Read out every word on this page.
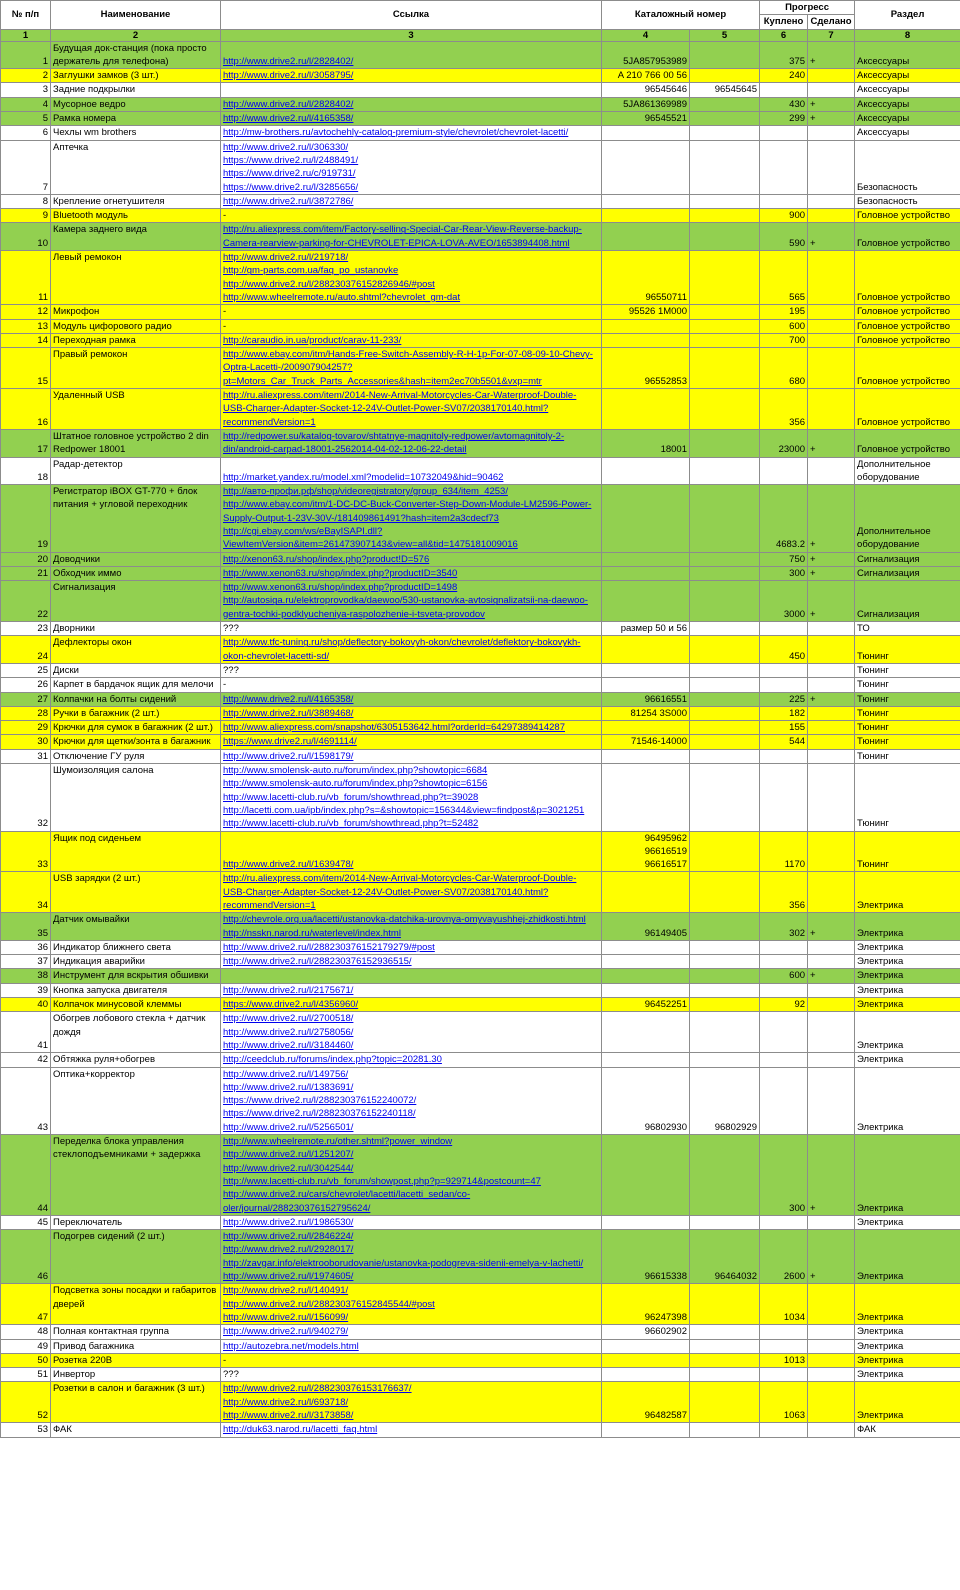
№ п/п	Наименование	Ссылка	Каталожный номер		Прогресс		Раздел
					Куплено	Сделано	
1	2	3	4	5	6	7	8
1	Будущая док-станция (пока просто держатель для телефона)	http://www.drive2.ru/l/2828402/	5JA857953989		375	+	Аксессуары
2	Заглушки замков (3 шт.)	http://www.drive2.ru/l/3058795/	A 210 766 00 56		240		Аксессуары
3	Задние подкрылки		96545646	96545645			Аксессуары
4	Мусорное ведро	http://www.drive2.ru/l/2828402/	5JA861369989		430	+	Аксессуары
5	Рамка номера	http://www.drive2.ru/l/4165358/	96545521		299	+	Аксессуары
6	Чехлы wm brothers	http://mw-brothers.ru/avtochehly-catalog-premium-style/chevrolet/chevrolet-lacetti/					Аксессуары
7	Аптечка	http://www.drive2.ru/l/306330/
https://www.drive2.ru/l/2488491/
https://www.drive2.ru/c/919731/
https://www.drive2.ru/l/3285656/					Безопасность
8	Крепление огнетушителя	http://www.drive2.ru/l/3872786/					Безопасность
9	Bluetooth модуль	-			900		Головное устройство
10	Камера заднего вида	http://ru.aliexpress.com/item/Factory-selling-Special-Car-Rear-View-Reverse-backup-Camera-rearview-parking-for-CHEVROLET-EPICA-LOVA-AVEO/1653894408.html			590	+	Головное устройство
11	Левый ремокон	http://www.drive2.ru/l/219718/
http://gm-parts.com.ua/faq_po_ustanovke
http://www.drive2.ru/l/288230376152826946/#post
http://www.wheelremote.ru/auto.shtml?chevrolet_gm-dat	96550711		565		Головное устройство
12	Микрофон	-	95526 1M000		195		Головное устройство
13	Модуль цифорового радио	-			600		Головное устройство
14	Переходная рамка	http://caraudio.in.ua/product/carav-11-233/			700		Головное устройство
15	Правый ремокон	http://www.ebay.com/itm/Hands-Free-Switch-Assembly-R-H-1p-For-07-08-09-10-Chevy-Optra-Lacetti-/200907904257?pt=Motors_Car_Truck_Parts_Accessories&hash=item2ec70b5501&vxp=mtr	96552853		680		Головное устройство
16	Удаленный USB	http://ru.aliexpress.com/item/2014-New-Arrival-Motorcycles-Car-Waterproof-Double-USB-Charger-Adapter-Socket-12-24V-Outlet-Power-SV07/2038170140.html?recommendVersion=1			356		Головное устройство
17	Штатное головное устройство 2 din Redpower 18001	http://redpower.su/katalog-tovarov/shtatnye-magnitoly-redpower/avtomagnitoly-2-din/android-carpad-18001-2562014-04-02-12-06-22-detail	18001		23000	+	Головное устройство
18	Радар-детектор	http://market.yandex.ru/model.xml?modelid=10732049&hid=90462					Дополнительное оборудование
19	Регистратор iBOX GT-770 + блок питания + угловой переходник	http://авто-профи.рф/shop/videoregistratory/group_634/item_4253/
http://www.ebay.com/itm/1-DC-DC-Buck-Converter-Step-Down-Module-LM2596-Power-Supply-Output-1-23V-30V-/181409861491?hash=item2a3cdecf73
http://cgi.ebay.com/ws/eBayISAPI.dll?ViewItemVersion&item=261473907143&view=all&tid=1475181009016			4683.2	+	Дополнительное оборудование
20	Доводчики	http://xenon63.ru/shop/index.php?product!D=576			750	+	Сигнализация
21	Обходчик иммо	http://www.xenon63.ru/shop/index.php?productID=3540			300	+	Сигнализация
22	Сигнализация	http://www.xenon63.ru/shop/index.php?productID=1498
http://autosiga.ru/elektroprovodka/daewoo/530-ustanovka-avtosignalizatsii-na-daewoo-gentra-tochki-podklyucheniya-raspolozhenie-i-tsveta-provodov			3000	+	Сигнализация
23	Дворники	???	размер 50 и 56				ТО
24	Дефлекторы окон	http://www.tfc-tuning.ru/shop/deflectory-bokovyh-okon/chevrolet/deflektory-bokovykh-okon-chevrolet-lacetti-sd/			450		Тюнинг
25	Диски	???					Тюнинг
26	Карпет в бардачок ящик для мелочи	-					Тюнинг
27	Колпачки на болты сидений	http://www.drive2.ru/l/4165358/	96616551		225	+	Тюнинг
28	Ручки в багажник (2 шт.)	http://www.drive2.ru/l/3889468/	81254 3S000		182		Тюнинг
29	Крючки для сумок в багажник (2 шт.)	http://www.aliexpress.com/snapshot/6305153642.html?orderId=64297389414287			155		Тюнинг
30	Крючки для щетки/зонта в багажник	https://www.drive2.ru/l/4691114/	71546-14000		544		Тюнинг
31	Отключение ГУ руля	http://www.drive2.ru/l/1598179/					Тюнинг
32	Шумоизоляция салона	http://www.smolensk-auto.ru/forum/index.php?showtopic=6684
http://www.smolensk-auto.ru/forum/index.php?showtopic=6156
http://www.lacetti-club.ru/vb_forum/showthread.php?t=39028
http://lacetti.com.ua/ipb/index.php?s=&showtopic=156344&view=findpost&p=3021251
http://www.lacetti-club.ru/vb_forum/showthread.php?t=52482					Тюнинг
33	Ящик под сиденьем	http://www.drive2.ru/l/1639478/	96495962
96616519
96616517		1170		Тюнинг
34	USB зарядки (2 шт.)	http://ru.aliexpress.com/item/2014-New-Arrival-Motorcycles-Car-Waterproof-Double-USB-Charger-Adapter-Socket-12-24V-Outlet-Power-SV07/2038170140.html?recommendVersion=1			356		Электрика
35	Датчик омывайки	http://chevrole.org.ua/lacetti/ustanovka-datchika-urovnya-omyvayushhej-zhidkosti.html
http://nsskn.narod.ru/waterlevel/index.html	96149405		302	+	Электрика
36	Индикатор ближнего света	http://www.drive2.ru/l/288230376152179279/#post					Электрика
37	Индикация аварийки	http://www.drive2.ru/l/288230376152936515/					Электрика
38	Инструмент для вскрытия обшивки				600	+	Электрика
39	Кнопка запуска двигателя	http://www.drive2.ru/l/2175671/					Электрика
40	Колпачок минусовой клеммы	https://www.drive2.ru/l/4356960/	96452251		92		Электрика
41	Обогрев лобового стекла + датчик дождя	http://www.drive2.ru/l/2700518/
http://www.drive2.ru/l/2758056/
http://www.drive2.ru/l/3184460/					Электрика
42	Обтяжка руля+обогрев	http://ceedclub.ru/forums/index.php?topic=20281.30					Электрика
43	Оптика+корректор	http://www.drive2.ru/l/149756/
http://www.drive2.ru/l/1383691/
https://www.drive2.ru/l/288230376152240072/
https://www.drive2.ru/l/288230376152240118/
http://www.drive2.ru/l/5256501/	96802930	96802929			Электрика
44	Переделка блока управления стеклоподъемниками + задержка	http://www.wheelremote.ru/other.shtml?power_window
http://www.drive2.ru/l/1251207/
http://www.drive2.ru/l/3042544/
http://www.lacetti-club.ru/vb_forum/showpost.php?p=929714&postcount=47
http://www.drive2.ru/cars/chevrolet/lacetti/lacetti_sedan/co-oler/journal/288230376152795624/			300	+	Электрика
45	Переключатель	http://www.drive2.ru/l/1986530/					Электрика
46	Подогрев сидений (2 шт.)	http://www.drive2.ru/l/2846224/
http://www.drive2.ru/l/2928017/
http://zavgar.info/elektrooborudovanie/ustanovka-podogreva-sidenii-emelya-v-lachetti/
http://www.drive2.ru/l/1974605/	96615338	96464032	2600	+	Электрика
47	Подсветка зоны посадки и габаритов дверей	http://www.drive2.ru/l/140491/
http://www.drive2.ru/l/288230376152845544/#post
http://www.drive2.ru/l/156099/	96247398		1034		Электрика
48	Полная контактная группа	http://www.drive2.ru/l/940279/	96602902				Электрика
49	Привод багажника	http://autozebra.net/models.html					Электрика
50	Розетка 220В	-			1013		Электрика
51	Инвертор	???					Электрика
52	Розетки в салон и багажник (3 шт.)	http://www.drive2.ru/l/288230376153176637/
http://www.drive2.ru/l/693718/
http://www.drive2.ru/l/3173858/	96482587		1063		Электрика
53	ФАК	http://duk63.narod.ru/lacetti_faq.html					ФАК
